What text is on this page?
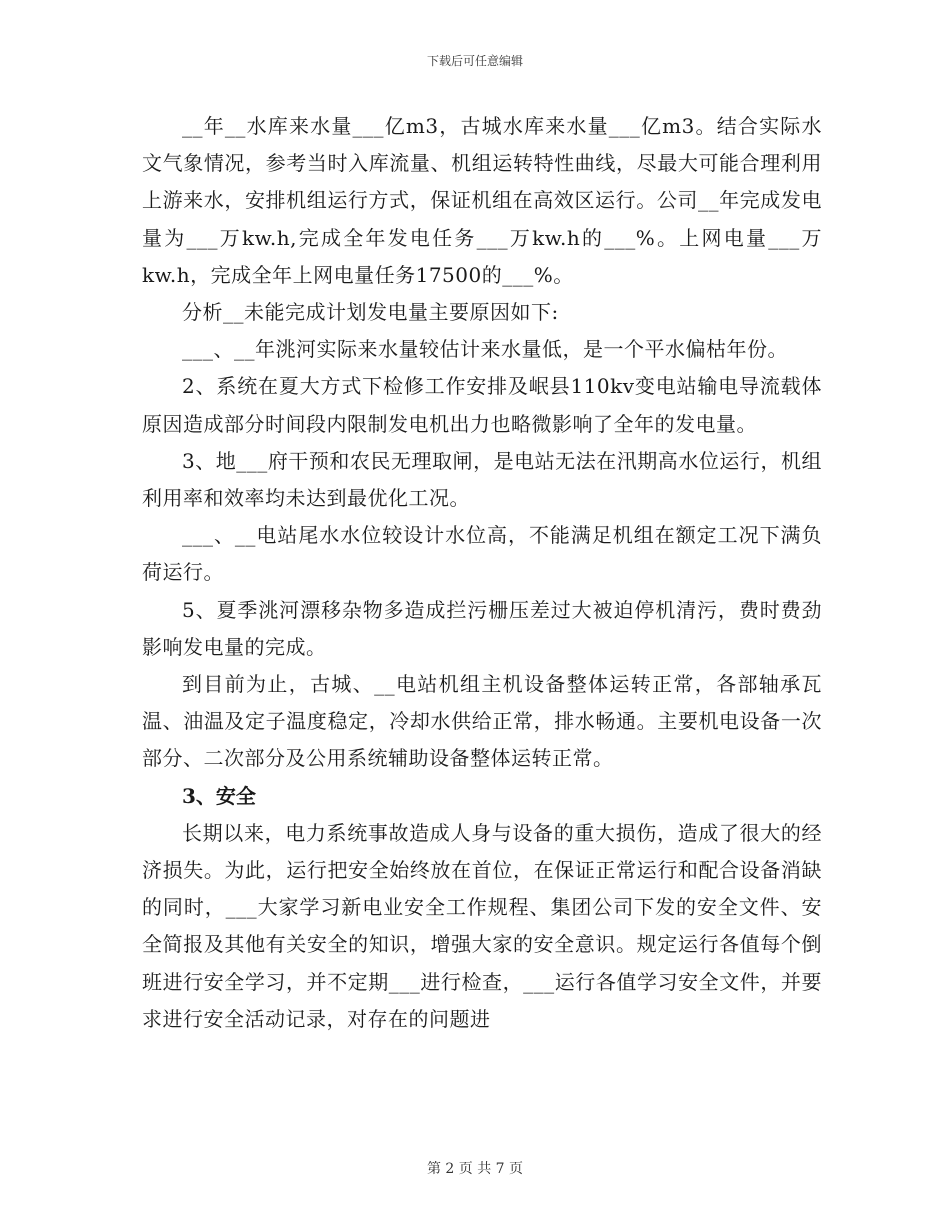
下载后可任意编辑

__年__水库来水量___亿m3，古城水库来水量___亿m3。结合实际水文气象情况，参考当时入库流量、机组运转特性曲线，尽最大可能合理利用上游来水，安排机组运行方式，保证机组在高效区运行。公司__年完成发电量为___万kw.h,完成全年发电任务___万kw.h的___%。上网电量___万kw.h，完成全年上网电量任务17500的___%。

分析__未能完成计划发电量主要原因如下:

___、__年洮河实际来水量较估计来水量低，是一个平水偏枯年份。

2、系统在夏大方式下检修工作安排及岷县110kv变电站输电导流载体原因造成部分时间段内限制发电机出力也略微影响了全年的发电量。

3、地___府干预和农民无理取闸，是电站无法在汛期高水位运行，机组利用率和效率均未达到最优化工况。

___、__电站尾水水位较设计水位高，不能满足机组在额定工况下满负荷运行。

5、夏季洮河漂移杂物多造成拦污栅压差过大被迫停机清污，费时费劲影响发电量的完成。

到目前为止，古城、__电站机组主机设备整体运转正常，各部轴承瓦温、油温及定子温度稳定，冷却水供给正常，排水畅通。主要机电设备一次部分、二次部分及公用系统辅助设备整体运转正常。

3、安全

长期以来，电力系统事故造成人身与设备的重大损伤，造成了很大的经济损失。为此，运行把安全始终放在首位，在保证正常运行和配合设备消缺的同时，___大家学习新电业安全工作规程、集团公司下发的安全文件、安全简报及其他有关安全的知识，增强大家的安全意识。规定运行各值每个倒班进行安全学习，并不定期___进行检查，___运行各值学习安全文件，并要求进行安全活动记录，对存在的问题进

第 2 页 共 7 页
